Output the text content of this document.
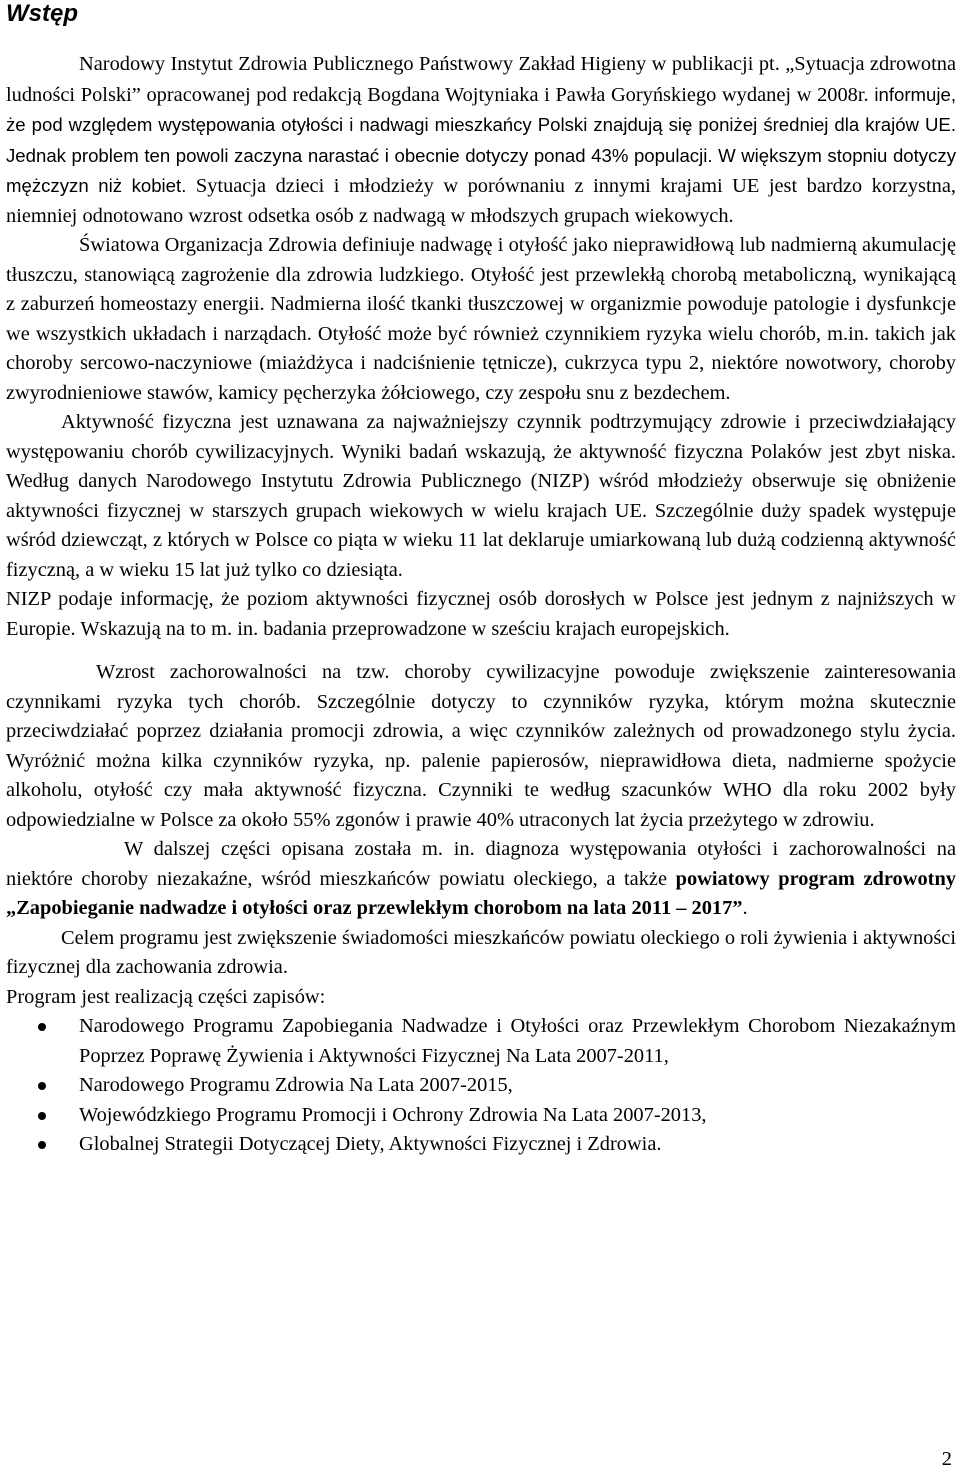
Wstęp

Narodowy Instytut Zdrowia Publicznego Państwowy Zakład Higieny w publikacji pt. „Sytuacja zdrowotna ludności Polski” opracowanej pod redakcją Bogdana Wojtyniaka i Pawła Goryńskiego wydanej w 2008r. informuje, że pod względem występowania otyłości i nadwagi mieszkańcy Polski znajdują się poniżej średniej dla krajów UE. Jednak problem ten powoli zaczyna narastać i obecnie dotyczy ponad 43% populacji. W większym stopniu dotyczy mężczyzn niż kobiet. Sytuacja dzieci i młodzieży w porównaniu z innymi krajami UE jest bardzo korzystna, niemniej odnotowano wzrost odsetka osób z nadwagą w młodszych grupach wiekowych.

Światowa Organizacja Zdrowia definiuje nadwagę i otyłość jako nieprawidłową lub nadmierną akumulację tłuszczu, stanowiącą zagrożenie dla zdrowia ludzkiego. Otyłość jest przewlekłą chorobą metaboliczną, wynikającą z zaburzeń homeostazy energii. Nadmierna ilość tkanki tłuszczowej w organizmie powoduje patologie i dysfunkcje we wszystkich układach i narządach. Otyłość może być również czynnikiem ryzyka wielu chorób, m.in. takich jak choroby sercowo-naczyniowe (miażdżyca i nadciśnienie tętnicze), cukrzyca typu 2, niektóre nowotwory, choroby zwyrodnieniowe stawów, kamicy pęcherzyka żółciowego, czy zespołu snu z bezdechem.

Aktywność fizyczna jest uznawana za najważniejszy czynnik podtrzymujący zdrowie i przeciwdziałający występowaniu chorób cywilizacyjnych. Wyniki badań wskazują, że aktywność fizyczna Polaków jest zbyt niska. Według danych Narodowego Instytutu Zdrowia Publicznego (NIZP) wśród młodzieży obserwuje się obniżenie aktywności fizycznej w starszych grupach wiekowych w wielu krajach UE. Szczególnie duży spadek występuje wśród dziewcząt, z których w Polsce co piąta w wieku 11 lat deklaruje umiarkowaną lub dużą codzienną aktywność fizyczną, a w wieku 15 lat już tylko co dziesiąta.

NIZP podaje informację, że poziom aktywności fizycznej osób dorosłych w Polsce jest jednym z najniższych w Europie. Wskazują na to m. in. badania przeprowadzone w sześciu krajach europejskich.

Wzrost zachorowalności na tzw. choroby cywilizacyjne powoduje zwiększenie zainteresowania czynnikami ryzyka tych chorób. Szczególnie dotyczy to czynników ryzyka, którym można skutecznie przeciwdziałać poprzez działania promocji zdrowia, a więc czynników zależnych od prowadzonego stylu życia. Wyróżnić można kilka czynników ryzyka, np. palenie papierosów, nieprawidłowa dieta, nadmierne spożycie alkoholu, otyłość czy mała aktywność fizyczna. Czynniki te według szacunków WHO dla roku 2002 były odpowiedzialne w Polsce za około 55% zgonów i prawie 40% utraconych lat życia przeżytego w zdrowiu.

W dalszej części opisana została m. in. diagnoza występowania otyłości i zachorowalności na niektóre choroby niezakaźne, wśród mieszkańców powiatu oleckiego, a także powiatowy program zdrowotny „Zapobieganie nadwadze i otyłości oraz przewlekłym chorobom na lata 2011 – 2017”.

Celem programu jest zwiększenie świadomości mieszkańców powiatu oleckiego o roli żywienia i aktywności fizycznej dla zachowania zdrowia.

Program jest realizacją części zapisów:

Narodowego Programu Zapobiegania Nadwadze i Otyłości oraz Przewlekłym Chorobom Niezakaźnym Poprzez Poprawę Żywienia i Aktywności Fizycznej Na Lata 2007-2011,
Narodowego Programu Zdrowia Na Lata 2007-2015,
Wojewódzkiego Programu Promocji i Ochrony Zdrowia Na Lata 2007-2013,
Globalnej Strategii Dotyczącej Diety, Aktywności Fizycznej i Zdrowia.
2
